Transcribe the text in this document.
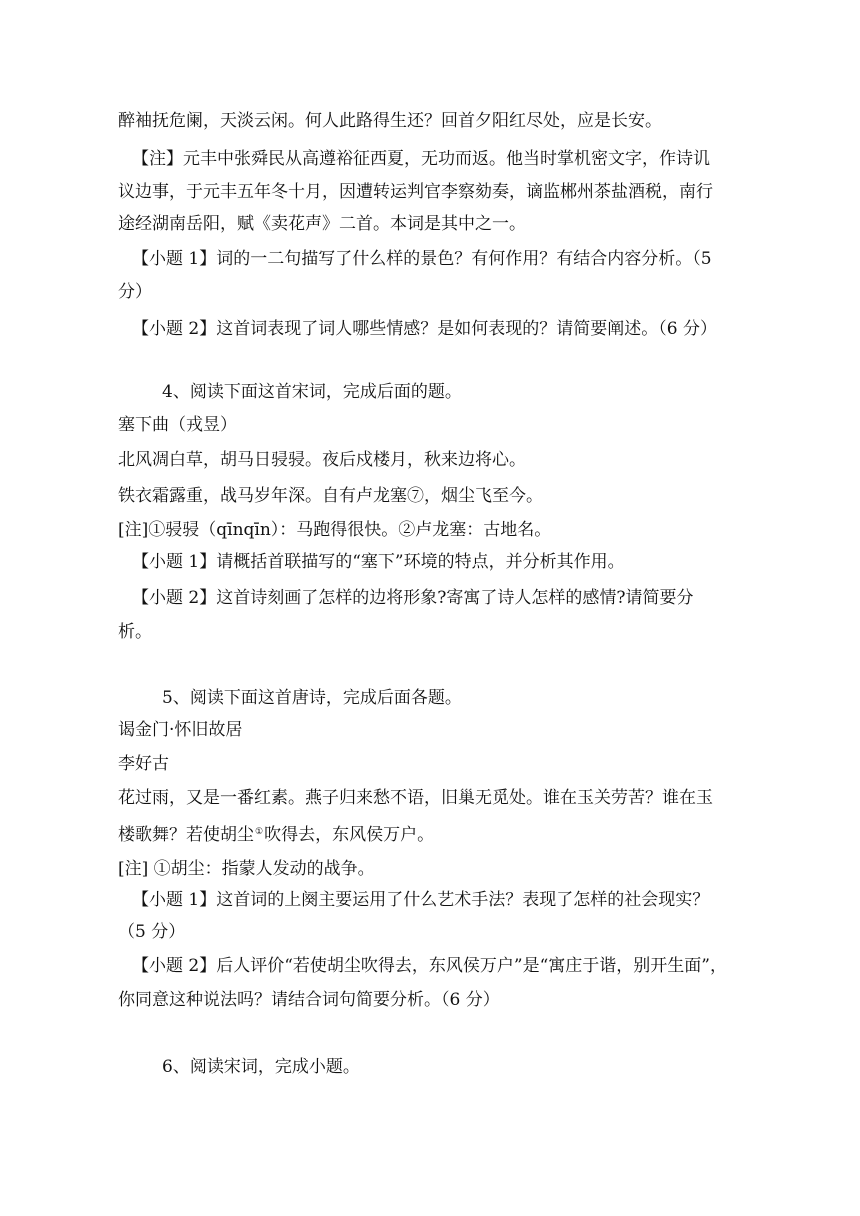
醉袖抚危阑，天淡云闲。何人此路得生还？回首夕阳红尽处，应是长安。
【注】元丰中张舜民从高遵裕征西夏，无功而返。他当时掌机密文字，作诗讥
议边事，于元丰五年冬十月，因遭转运判官李察劾奏，谪监郴州茶盐酒税，南行
途经湖南岳阳，赋《卖花声》二首。本词是其中之一。
【小题 1】词的一二句描写了什么样的景色？有何作用？有结合内容分析。（5
分）
【小题 2】这首词表现了词人哪些情感？是如何表现的？请简要阐述。（6 分）
4、阅读下面这首宋词，完成后面的题。
塞下曲（戎昱）
北风凋白草，胡马日骎骎。夜后戍楼月，秋来边将心。
铁衣霜露重，战马岁年深。自有卢龙塞⑦，烟尘飞至今。
[注]①骎骎（qīnqīn）：马跑得很快。②卢龙塞：古地名。
【小题 1】请概括首联描写的“塞下”环境的特点，并分析其作用。
【小题 2】这首诗刻画了怎样的边将形象?寄寓了诗人怎样的感情?请简要分
析。
5、阅读下面这首唐诗，完成后面各题。
谒金门·怀旧故居
李好古
花过雨，又是一番红素。燕子归来愁不语，旧巢无觅处。谁在玉关劳苦？谁在玉
楼歌舞？若使胡尘①吹得去，东风侯万户。
[注] ①胡尘：指蒙人发动的战争。
【小题 1】这首词的上阕主要运用了什么艺术手法？表现了怎样的社会现实？
（5 分）
【小题 2】后人评价“若使胡尘吹得去，东风侯万户”是“寓庄于谐，别开生面”，
你同意这种说法吗？请结合词句简要分析。（6 分）
6、阅读宋词，完成小题。
